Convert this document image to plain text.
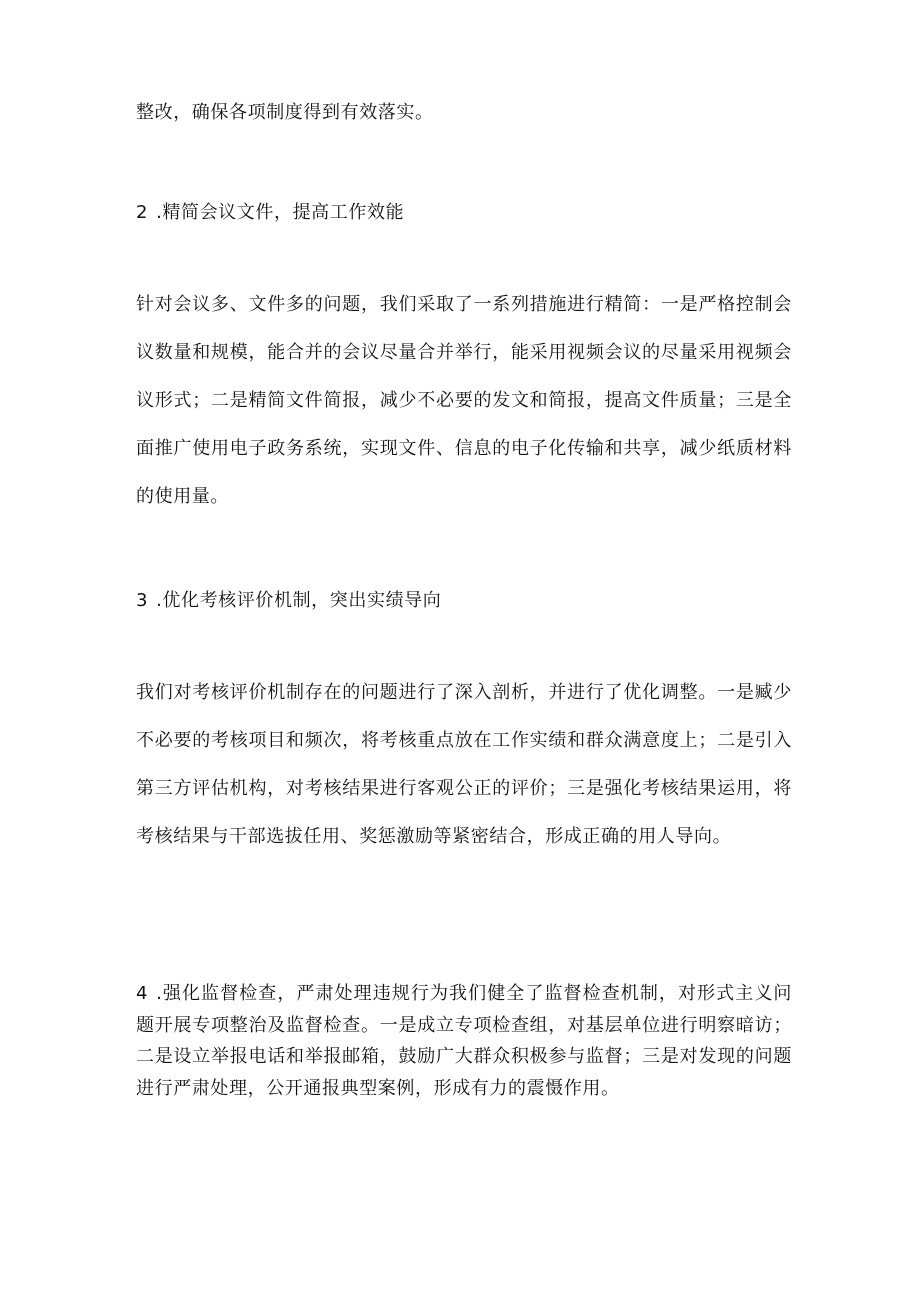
整改，确保各项制度得到有效落实。

2 .精简会议文件，提高工作效能

针对会议多、文件多的问题，我们采取了一系列措施进行精简：一是严格控制会议数量和规模，能合并的会议尽量合并举行，能采用视频会议的尽量采用视频会议形式；二是精简文件简报，减少不必要的发文和简报，提高文件质量；三是全面推广使用电子政务系统，实现文件、信息的电子化传输和共享，减少纸质材料的使用量。

3 .优化考核评价机制，突出实绩导向

我们对考核评价机制存在的问题进行了深入剖析，并进行了优化调整。一是臧少不必要的考核项目和频次，将考核重点放在工作实绩和群众满意度上；二是引入第三方评估机构，对考核结果进行客观公正的评价；三是强化考核结果运用，将考核结果与干部选拔任用、奖惩激励等紧密结合，形成正确的用人导向。

4 .强化监督检查，严肃处理违规行为我们健全了监督检查机制，对形式主义问题开展专项整治及监督检查。一是成立专项检查组，对基层单位进行明察暗访；二是设立举报电话和举报邮箱，鼓励广大群众积极参与监督；三是对发现的问题进行严肃处理，公开通报典型案例，形成有力的震慑作用。
